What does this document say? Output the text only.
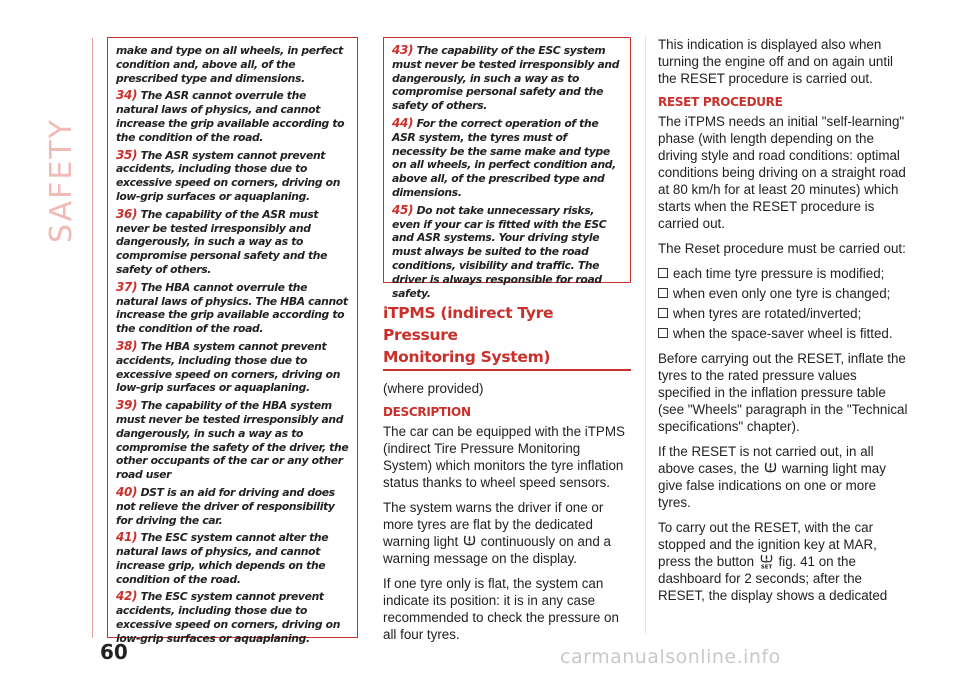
SAFETY

make and type on all wheels, in perfect condition and, above all, of the prescribed type and dimensions.

34) The ASR cannot overrule the natural laws of physics, and cannot increase the grip available according to the condition of the road.

35) The ASR system cannot prevent accidents, including those due to excessive speed on corners, driving on low-grip surfaces or aquaplaning.

36) The capability of the ASR must never be tested irresponsibly and dangerously, in such a way as to compromise personal safety and the safety of others.

37) The HBA cannot overrule the natural laws of physics. The HBA cannot increase the grip available according to the condition of the road.

38) The HBA system cannot prevent accidents, including those due to excessive speed on corners, driving on low-grip surfaces or aquaplaning.

39) The capability of the HBA system must never be tested irresponsibly and dangerously, in such a way as to compromise the safety of the driver, the other occupants of the car or any other road user

40) DST is an aid for driving and does not relieve the driver of responsibility for driving the car.

41) The ESC system cannot alter the natural laws of physics, and cannot increase grip, which depends on the condition of the road.

42) The ESC system cannot prevent accidents, including those due to excessive speed on corners, driving on low-grip surfaces or aquaplaning.

43) The capability of the ESC system must never be tested irresponsibly and dangerously, in such a way as to compromise personal safety and the safety of others.

44) For the correct operation of the ASR system, the tyres must of necessity be the same make and type on all wheels, in perfect condition and, above all, of the prescribed type and dimensions.

45) Do not take unnecessary risks, even if your car is fitted with the ESC and ASR systems. Your driving style must always be suited to the road conditions, visibility and traffic. The driver is always responsible for road safety.

iTPMS (indirect Tyre Pressure
Monitoring System)

(where provided)

DESCRIPTION

The car can be equipped with the iTPMS (indirect Tire Pressure Monitoring System) which monitors the tyre inflation status thanks to wheel speed sensors.

The system warns the driver if one or more tyres are flat by the dedicated warning light continuously on and a warning message on the display.

If one tyre only is flat, the system can indicate its position: it is in any case recommended to check the pressure on all four tyres.

This indication is displayed also when turning the engine off and on again until the RESET procedure is carried out.

RESET PROCEDURE

The iTPMS needs an initial "self-learning" phase (with length depending on the driving style and road conditions: optimal conditions being driving on a straight road at 80 km/h for at least 20 minutes) which starts when the RESET procedure is carried out.

The Reset procedure must be carried out:

each time tyre pressure is modified;
when even only one tyre is changed;
when tyres are rotated/inverted;
when the space-saver wheel is fitted.

Before carrying out the RESET, inflate the tyres to the rated pressure values specified in the inflation pressure table (see "Wheels" paragraph in the "Technical specifications" chapter).

If the RESET is not carried out, in all above cases, the warning light may give false indications on one or more tyres.

To carry out the RESET, with the car stopped and the ignition key at MAR, press the button SET fig. 41 on the dashboard for 2 seconds; after the RESET, the display shows a dedicated

60	carmanualsonline.info
